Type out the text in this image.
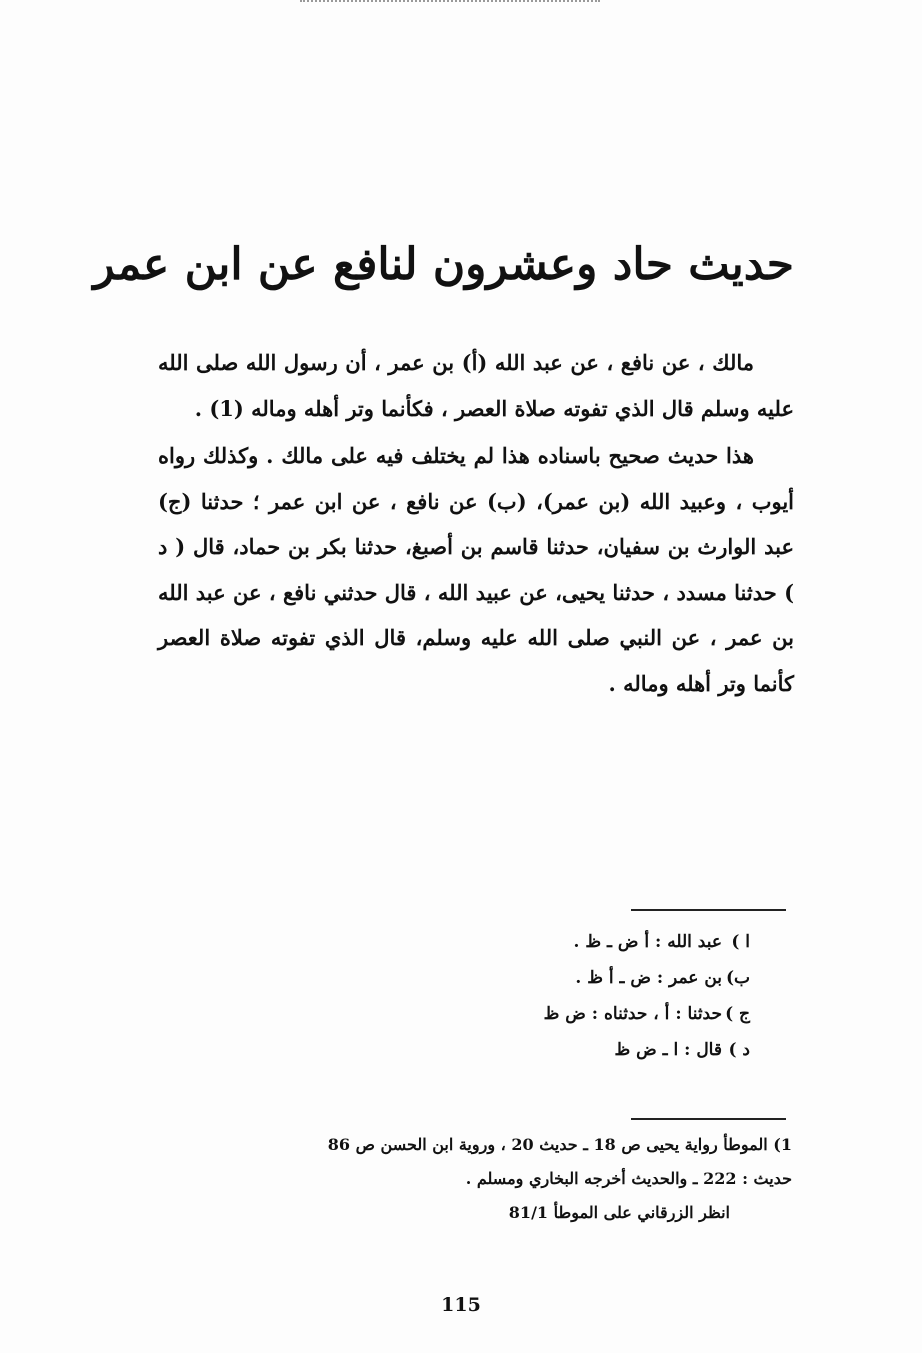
حديث حاد وعشرون لنافع عن ابن عمر

مالك ، عن نافع ، عن عبد الله (أ) بن عمر ، أن رسول الله صلى الله عليه وسلم قال الذي تفوته صلاة العصر ، فكأنما وتر أهله وماله (1) .

هذا حديث صحيح باسناده هذا لم يختلف فيه على مالك . وكذلك رواه أيوب ، وعبيد الله (بن عمر)، (ب) عن نافع ، عن ابن عمر ؛ حدثنا (ج) عبد الوارث بن سفيان، حدثنا قاسم بن أصبغ، حدثنا بكر بن حماد، قال ( د ) حدثنا مسدد ، حدثنا يحيى، عن عبيد الله ، قال حدثني نافع ، عن عبد الله بن عمر ، عن النبي صلى الله عليه وسلم، قال الذي تفوته صلاة العصر كأنما وتر أهله وماله .

ا )
عبد الله : أ ض ـ ظ .
ب)
بن عمر : ض ـ أ ظ .
ج )
حدثنا : أ ، حدثناه : ض ظ
د )
قال : ا ـ ض ظ
1) الموطأ رواية يحيى ص 18 ـ حديث 20 ، وروية ابن الحسن ص 86
حديث : 222 ـ والحديث أخرجه البخاري ومسلم .
انظر الزرقاني على الموطأ 81/1
115
